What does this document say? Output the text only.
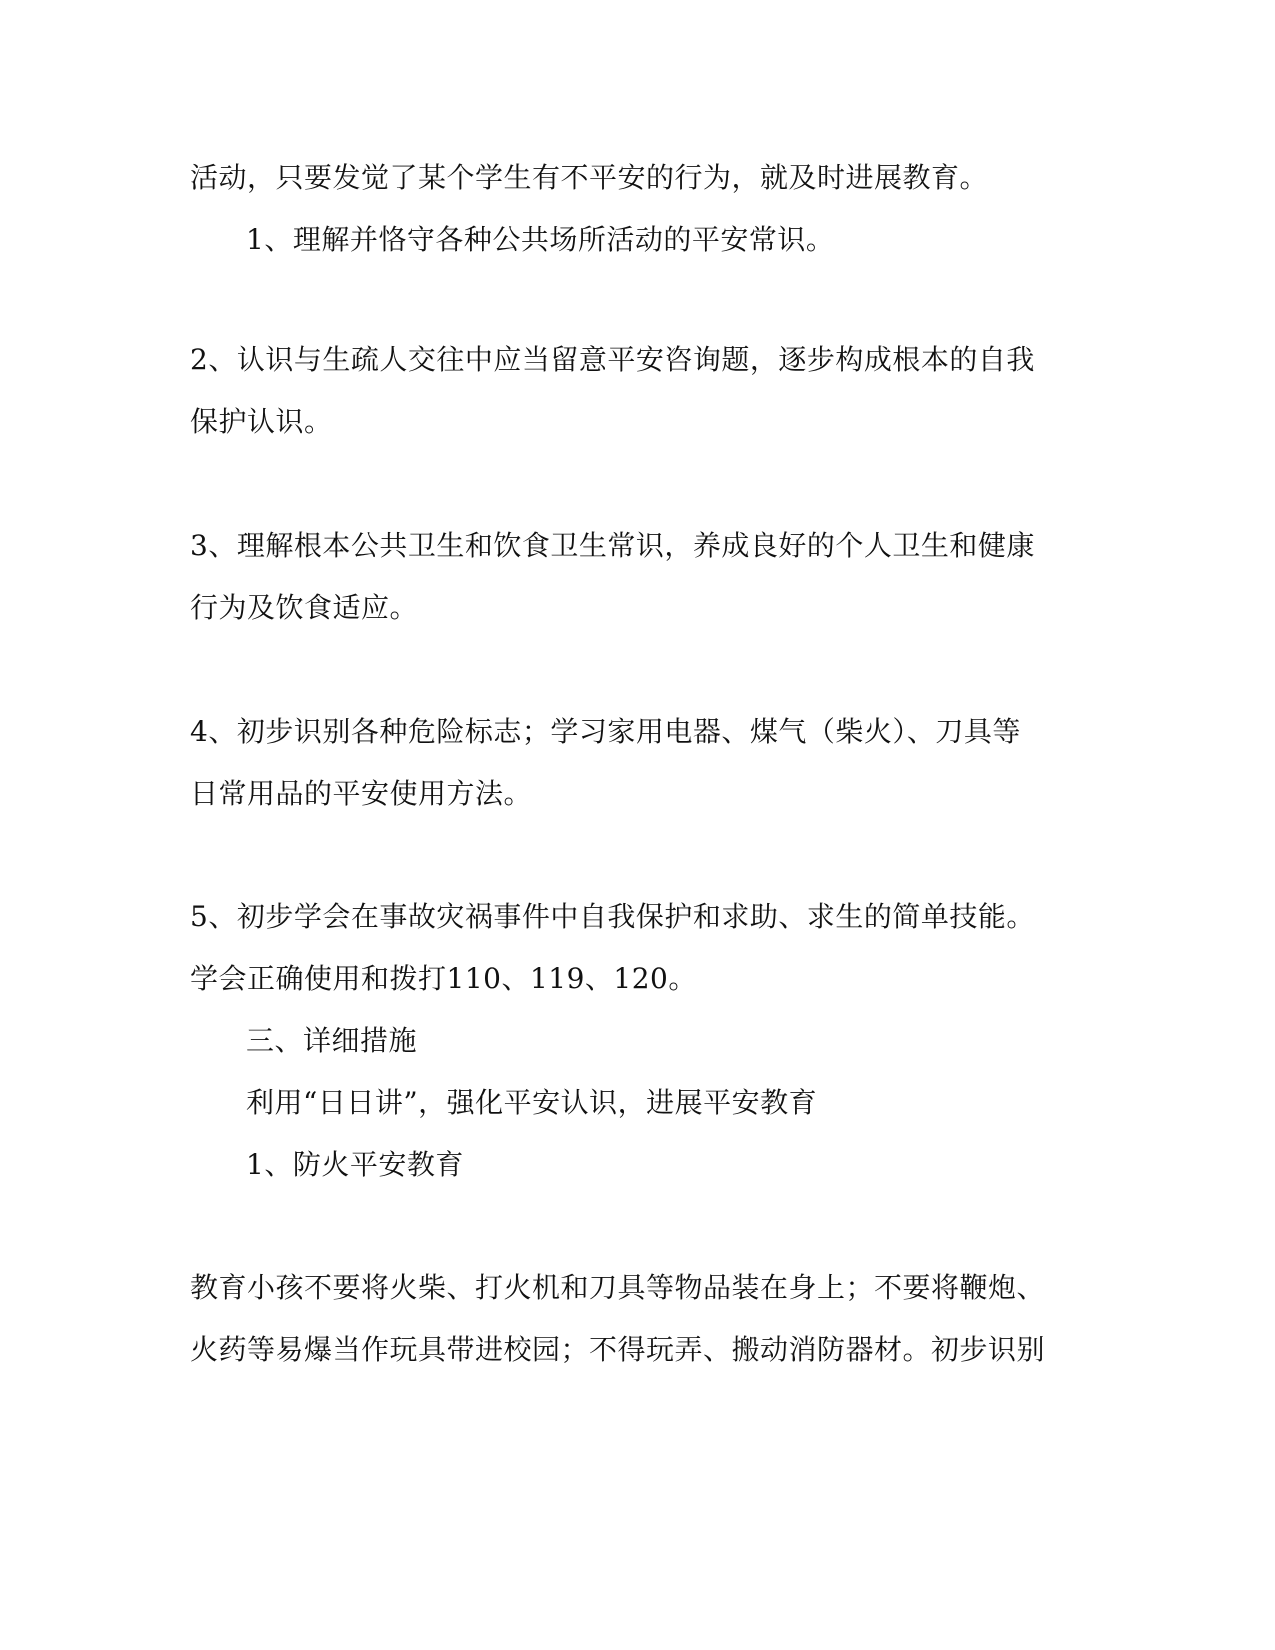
活动，只要发觉了某个学生有不平安的行为，就及时进展教育。
1、理解并恪守各种公共场所活动的平安常识。
2、认识与生疏人交往中应当留意平安咨询题，逐步构成根本的自我
保护认识。
3、理解根本公共卫生和饮食卫生常识，养成良好的个人卫生和健康
行为及饮食适应。
4、初步识别各种危险标志；学习家用电器、煤气（柴火）、刀具等
日常用品的平安使用方法。
5、初步学会在事故灾祸事件中自我保护和求助、求生的简单技能。
学会正确使用和拨打110、119、120。
三、详细措施
利用“日日讲”，强化平安认识，进展平安教育
1、防火平安教育
教育小孩不要将火柴、打火机和刀具等物品装在身上；不要将鞭炮、
火药等易爆当作玩具带进校园；不得玩弄、搬动消防器材。初步识别
